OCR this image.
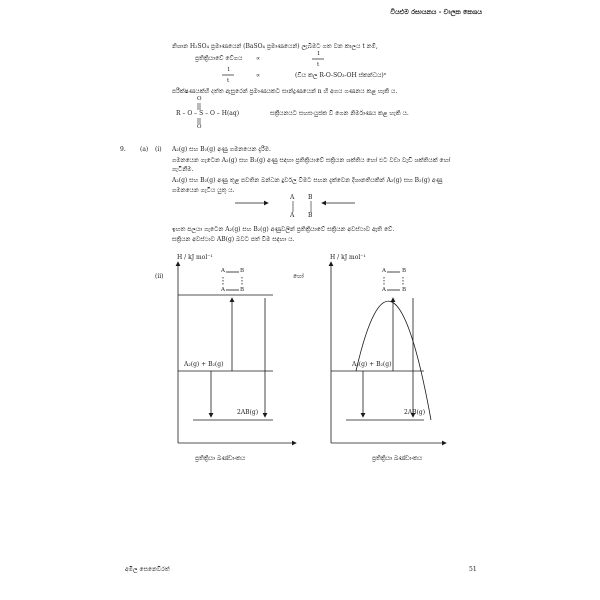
වියළුම රසායනය - චාලක කෙශය
නිශාන H₂SO₄ ප්‍රමාණයෙන් (BaSO₄ ප්‍රමාණයෙන්) ලැබීමට ගත වන කාලය t නම්,
ප්‍රතික්‍රියාවේ වේගය ∝
1
t
1
t
∝	(ඩිය කල R-O-SO₃-OH ස්කන්ධය)ⁿ
පරීක්ෂණයක්හි දත්ත ඇසුරෙන් ප්‍රමාණයකට සාන්ද්‍රණයෙන් n හි අගය ගණනය කළ හැකි ය.
O
R – O – S – O – H(aq)
O
සක්‍රීයනයට සහසංයුජක වී ගෙන නිර්මාණය කළ හැකි ය.
9. (a) (i) A₂(g) සහ B₂(g) අණු ගමනයෙන දැරීම.
ගමනයෙන ගැටෙන A₂(g) සහ B₂(g) අණු සඳහා ප්‍රතික්‍රියාවේ සක්‍රියන ශක්තිය හෝ එට වඩා වැඩි ශක්තියක් හෝ
ගැටිනීම.
A₂(g) සහ B₂(g) අණු තුළ පවතින බන්ධන දුර්වල වීමට සහන දැක්වෙන දිශානතියකින් A₂(g) සහ B₂(g) අණු
ගමනයෙන ගැටිය යුතු ය.
A B
A B
ඉහත පලයා ගැටෙන A₂(g) සහ B₂(g) අණුවලින් ප්‍රතික්‍රියාවේ සක්‍රියන අවස්ථාව ඇති වේ.
සක්‍රියන අවස්ථාව AB(g) බවට පත් වීම සඳහා ය.
(ii)	හෝ
H / kJ mol⁻¹
A	B
A	B
A₂(g) + B₂(g)
2AB(g)
ප්‍රතික්‍රියා ඛණ්ඩාංකය
H / kJ mol⁻¹
A	B
A	B
A₂(g) + B₂(g)
2AB(g)
ප්‍රතික්‍රියා ඛණ්ඩාංකය
අමිල සෙනෙවිරත්	51
